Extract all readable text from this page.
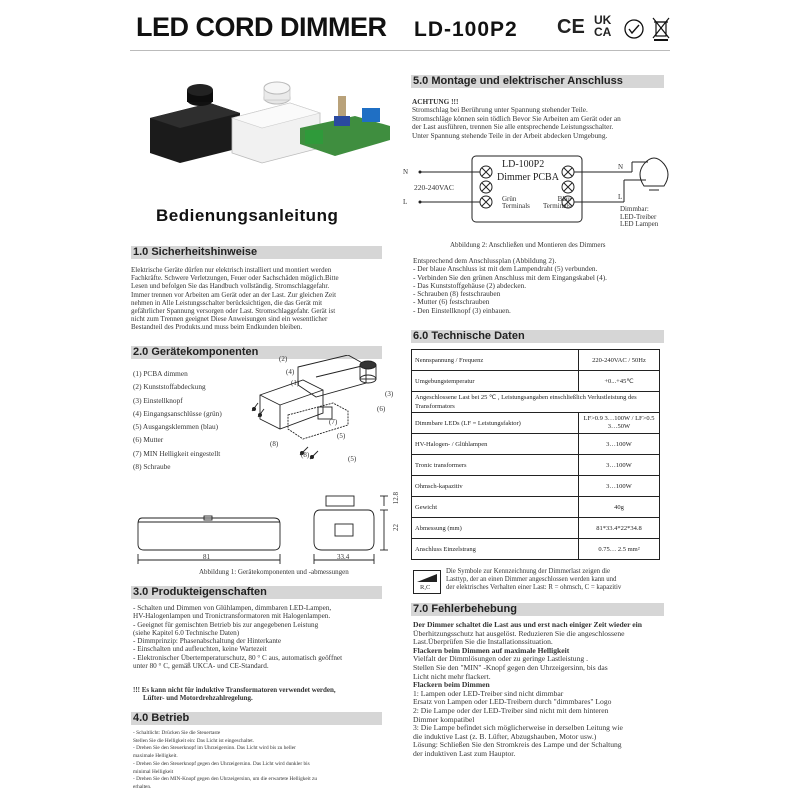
LED CORD DIMMER LD-100P2 CE UK
CA
Bedienungsanleitung
1.0 Sicherheitshinweise
Elektrische Geräte dürfen nur elektrisch installiert und montiert werden
Fachkräfte. Schwere Verletzungen, Feuer oder Sachschäden möglich.Bitte
Lesen und befolgen Sie das Handbuch vollständig. Stromschlaggefahr.
Immer trennen vor Arbeiten am Gerät oder an der Last. Zur gleichen Zeit
nehmen in Alle Leistungsschalter berücksichtigen, die das Gerät mit
gefährlicher Spannung versorgen oder Last. Stromschlaggefahr. Gerät ist
nicht zum Trennen geeignet Diese Anweisungen sind ein wesentlicher
Bestandteil des Produkts.und muss beim Endkunden bleiben.
2.0 Gerätekomponenten
(1) PCBA dimmen
(2) Kunststoffabdeckung
(3) Einstellknopf
(4) Eingangsanschlüsse (grün)
(5) Ausgangsklemmen (blau)
(6) Mutter
(7) MIN Helligkeit eingestellt
(8) Schraube
(2)
(4)
(1)
(7)
(3)
(6)
(8)
(5)
(8)	(5)
81	33.4
12.8
22
Abbildung 1: Gerätekomponenten und -abmessungen
3.0 Produkteigenschaften
- Schalten und Dimmen von Glühlampen, dimmbaren LED-Lampen,
HV-Halogenlampen und Tronictransformatoren mit Halogenlampen.
- Geeignet für gemischten Betrieb bis zur angegebenen Leistung
(siehe Kapitel 6.0 Technische Daten)
- Dimmprinzip: Phasenabschaltung der Hinterkante
- Einschalten und aufleuchten, keine Wartezeit
- Elektronischer Übertemperaturschutz, 80 ° C aus, automatisch geöffnet
unter 80 ° C, gemäß UKCA- und CE-Standard.
!!! Es kann nicht für induktive Transformatoren verwendet werden,
Lüfter- und Motordrehzahlregelung.
4.0 Betrieb
- Schaltlicht: Drücken Sie die Steuertaste
Stellen Sie die Helligkeit ein: Das Licht ist eingeschaltet.
- Drehen Sie den Steuerknopf im Uhrzeigersinn. Das Licht wird bis zu heller
maximale Helligkeit.
- Drehen Sie den Steuerknopf gegen den Uhrzeigersinn. Das Licht wird dunkler bis
minimal Helligkeit
- Drehen Sie den MIN-Knopf gegen den Uhrzeigersinn, um die erwartete Helligkeit zu
erhalten.
5.0 Montage und elektrischer Anschluss
ACHTUNG !!!
Stromschlag bei Berührung unter Spannung stehender Teile.
Stromschläge können sein tödlich Bevor Sie Arbeiten am Gerät oder an
der Last ausführen, trennen Sie alle entsprechende Leistungsschalter.
Unter Spannung stehende Teile in der Arbeit abdecken Umgebung.
N
L
220-240VAC
LD-100P2
Dimmer PCBA
Grün
Terminals
Blau
Terminals
N
L
Dimmbar:
LED-Treiber
LED Lampen
Abbildung 2: Anschließen und Montieren des Dimmers
Entsprechend dem Anschlussplan (Abbildung 2).
- Der blaue Anschluss ist mit dem Lampendraht (5) verbunden.
- Verbinden Sie den grünen Anschluss mit dem Eingangskabel (4).
- Das Kunststoffgehäuse (2) abdecken.
- Schrauben (8) festschrauben
- Mutter (6) festschrauben
- Den Einstellknopf (3) einbauen.
6.0 Technische Daten
Nennspannung / Frequenz	220-240VAC / 50Hz
Umgebungstemperatur	+0...+45℃
Angeschlossene Last bei 25 ℃ , Leistungsangaben einschließlich Verlustleistung des Transformators	
Dimmbare LEDs (LF = Leistungsfaktor)	LF>0.9 3…100W / LF>0.5 3…50W
HV-Halogen- / Glühlampen	3…100W
Tronic transformers	3…100W
Ohmsch-kapazitiv	3…100W
Gewicht	40g
Abmessung (mm)	81*33.4*22*34.8
Anschluss Einzelstrang	0.75… 2.5 mm²
R,C
Die Symbole zur Kennzeichnung der Dimmerlast zeigen die
Lasttyp, der an einen Dimmer angeschlossen werden kann und
der elektrisches Verhalten einer Last: R = ohmsch, C = kapazitiv
7.0 Fehlerbehebung
Der Dimmer schaltet die Last aus und erst nach einiger Zeit wieder ein
Überhitzungsschutz hat ausgelöst. Reduzieren Sie die angeschlossene
Last.Überprüfen Sie die Installationssituation.
Flackern beim Dimmen auf maximale Helligkeit
Vielfalt der Dimmlösungen oder zu geringe Lastleistung .
Stellen Sie den "MIN" -Knopf gegen den Uhrzeigersinn, bis das
Licht nicht mehr flackert.
Flackern beim Dimmen
1: Lampen oder LED-Treiber sind nicht dimmbar
Ersatz von Lampen oder LED-Treibern durch "dimmbares" Logo
2: Die Lampe oder der LED-Treiber sind nicht mit dem hinteren
Dimmer kompatibel
3: Die Lampe befindet sich möglicherweise in derselben Leitung wie
die induktive Last (z. B. Lüfter, Abzugshauben, Motor usw.)
Lösung: Schließen Sie den Stromkreis des Lampe und der Schaltung
der induktiven Last zum Hauptor.
